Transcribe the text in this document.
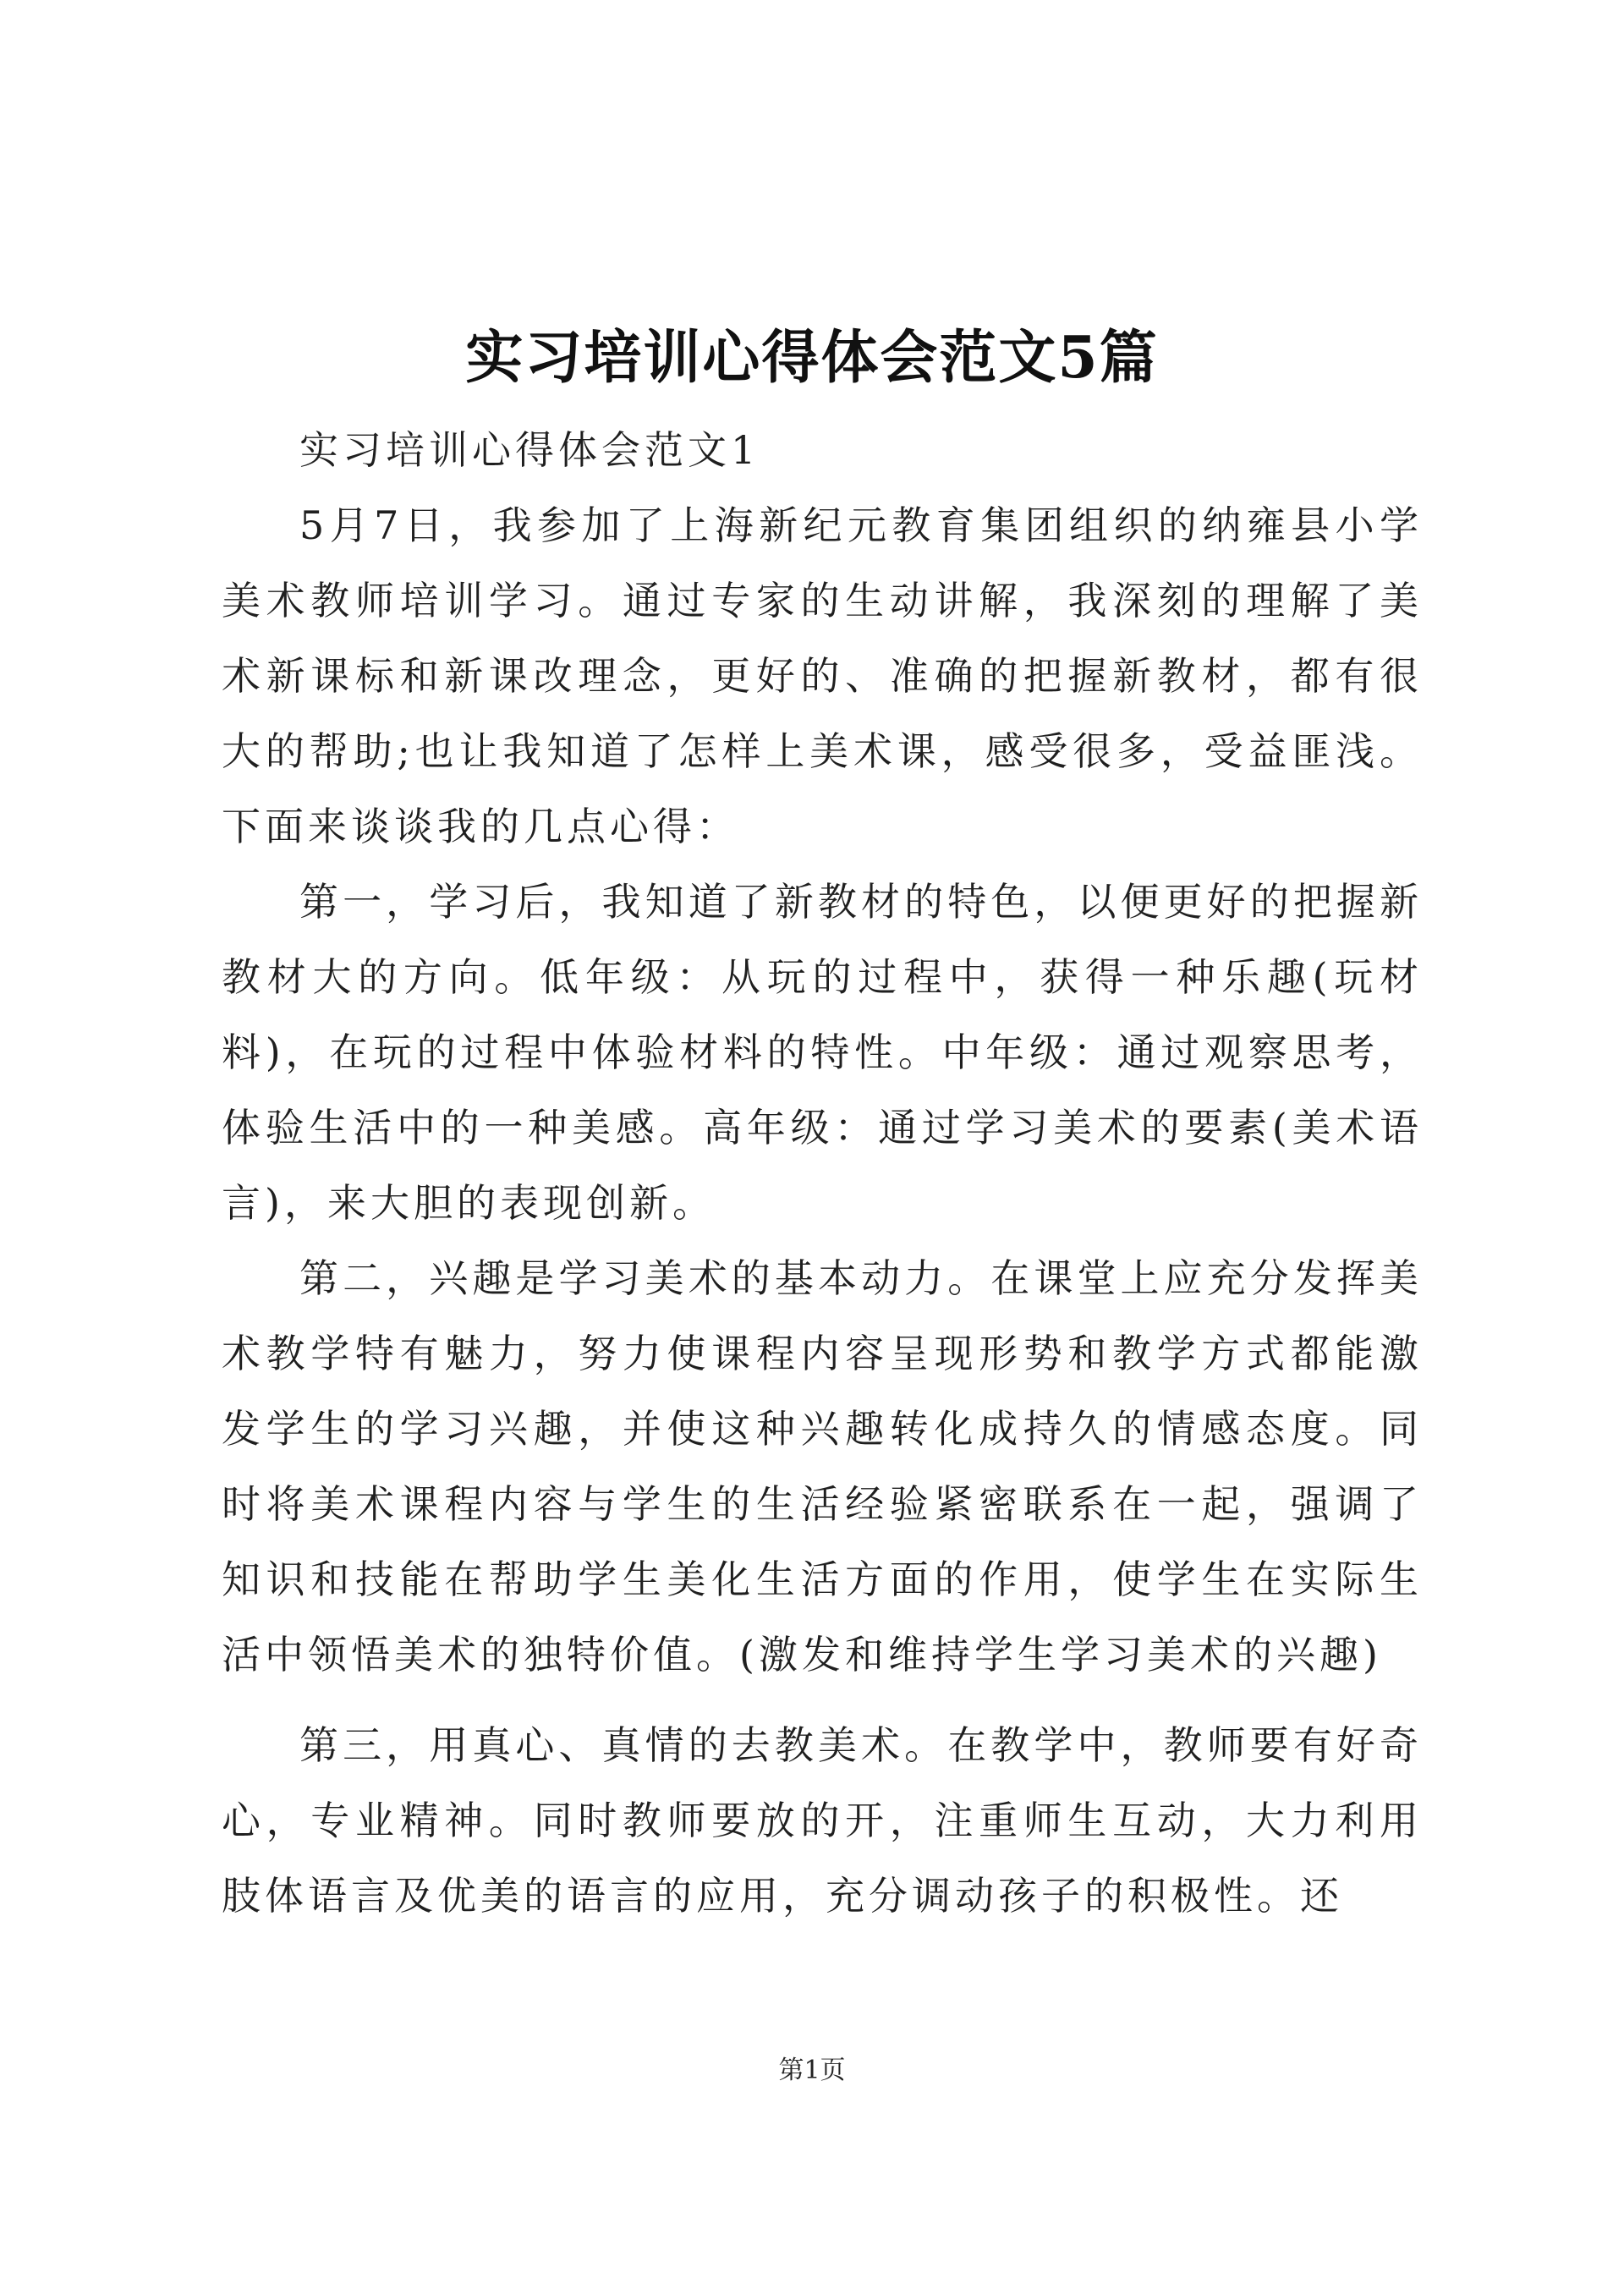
实习培训心得体会范文5篇

实习培训心得体会范文1

5月7日，我参加了上海新纪元教育集团组织的纳雍县小学美术教师培训学习。通过专家的生动讲解，我深刻的理解了美术新课标和新课改理念，更好的、准确的把握新教材，都有很大的帮助;也让我知道了怎样上美术课，感受很多，受益匪浅。下面来谈谈我的几点心得：

第一，学习后，我知道了新教材的特色，以便更好的把握新教材大的方向。低年级：从玩的过程中，获得一种乐趣(玩材料)，在玩的过程中体验材料的特性。中年级：通过观察思考，体验生活中的一种美感。高年级：通过学习美术的要素(美术语言)，来大胆的表现创新。

第二，兴趣是学习美术的基本动力。在课堂上应充分发挥美术教学特有魅力，努力使课程内容呈现形势和教学方式都能激发学生的学习兴趣，并使这种兴趣转化成持久的情感态度。同时将美术课程内容与学生的生活经验紧密联系在一起，强调了知识和技能在帮助学生美化生活方面的作用，使学生在实际生活中领悟美术的独特价值。(激发和维持学生学习美术的兴趣)

第三，用真心、真情的去教美术。在教学中，教师要有好奇心，专业精神。同时教师要放的开，注重师生互动，大力利用肢体语言及优美的语言的应用，充分调动孩子的积极性。还

第1页
